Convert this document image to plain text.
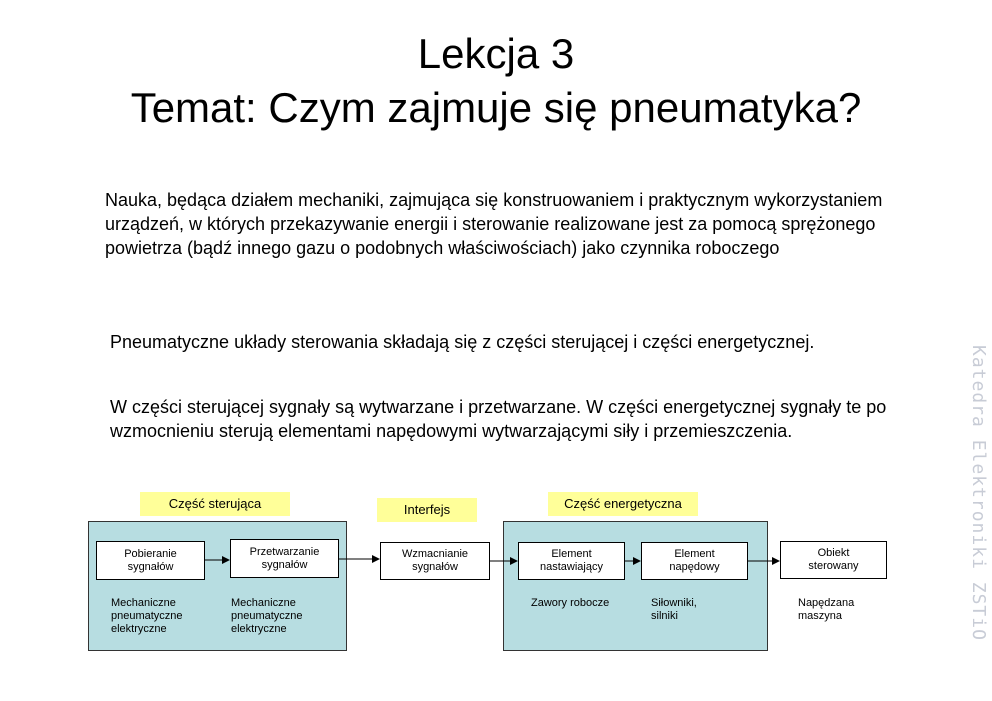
Lekcja 3
Temat: Czym zajmuje się pneumatyka?
Nauka, będąca działem mechaniki, zajmująca się konstruowaniem i praktycznym wykorzystaniem urządzeń, w których przekazywanie energii i sterowanie realizowane jest za pomocą sprężonego powietrza (bądź innego gazu o podobnych właściwościach) jako czynnika roboczego
Pneumatyczne układy sterowania składają się z części sterującej i części energetycznej.
W części sterującej sygnały są wytwarzane i przetwarzane. W części energetycznej sygnały te po wzmocnieniu sterują elementami napędowymi wytwarzającymi siły i przemieszczenia.
Część sterująca	Interfejs	Część energetyczna
Pobieranie
sygnałów
Przetwarzanie
sygnałów
Wzmacnianie
sygnałów
Element
nastawiający
Element
napędowy
Obiekt
sterowany
Mechaniczne
pneumatyczne
elektryczne
Mechaniczne
pneumatyczne
elektryczne
Zawory robocze	Siłowniki,
silniki
Napędzana
maszyna	Katedra Elektroniki ZSTiO
